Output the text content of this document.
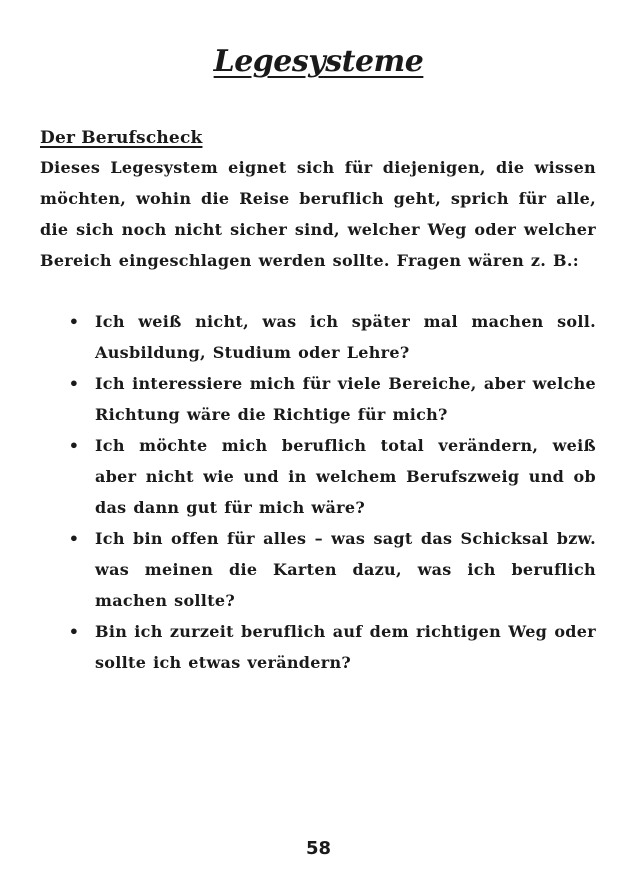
Legesysteme
Der Berufscheck

Dieses Legesystem eignet sich für diejenigen, die wissen möchten, wohin die Reise beruflich geht, sprich für alle, die sich noch nicht sicher sind, welcher Weg oder welcher Bereich eingeschlagen werden sollte. Fragen wären z. B.:

• Ich weiß nicht, was ich später mal machen soll. Ausbildung, Studium oder Lehre?
• Ich interessiere mich für viele Bereiche, aber welche Richtung wäre die Richtige für mich?
• Ich möchte mich beruflich total verändern, weiß aber nicht wie und in welchem Berufszweig und ob das dann gut für mich wäre?
• Ich bin offen für alles – was sagt das Schicksal bzw. was meinen die Karten dazu, was ich beruflich machen sollte?
• Bin ich zurzeit beruflich auf dem richtigen Weg oder sollte ich etwas verändern?

58
